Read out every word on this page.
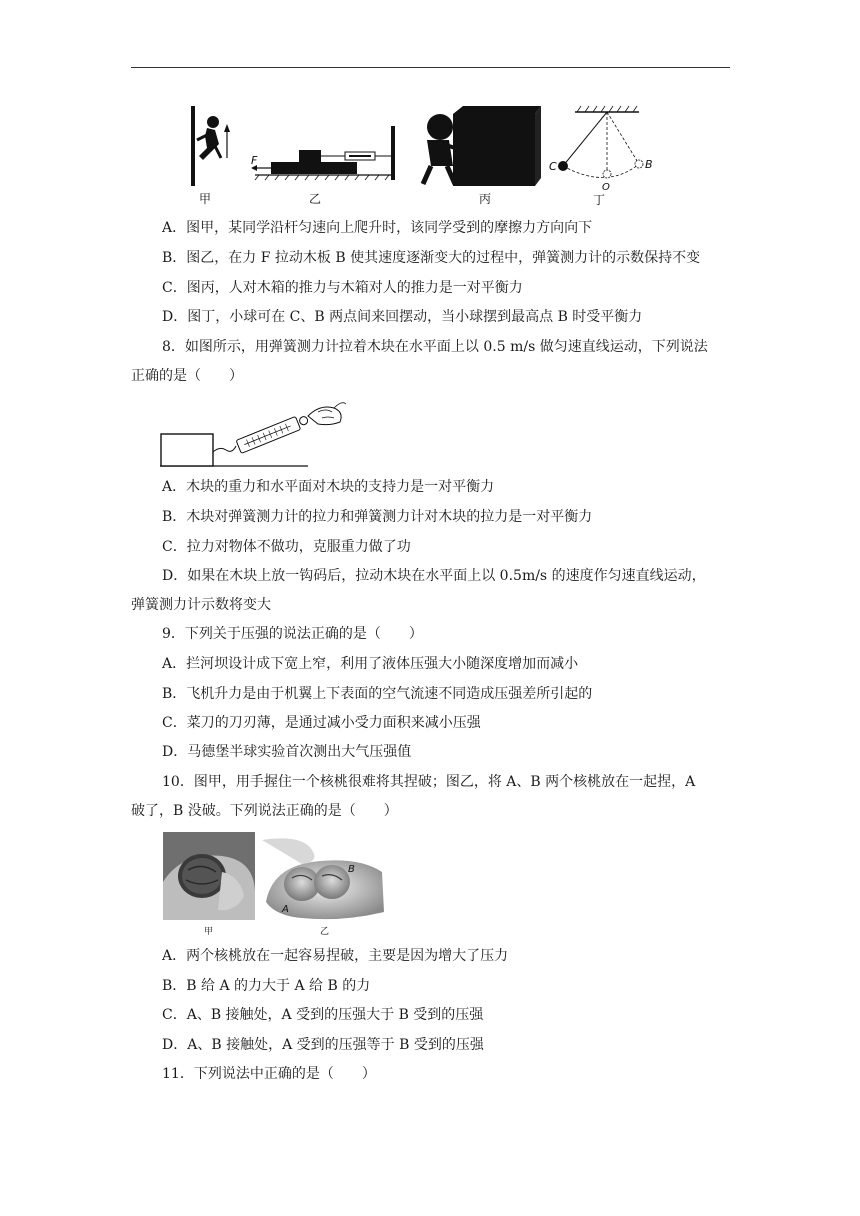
甲
F
乙	丙
C	B
O
丁
A．图甲，某同学沿杆匀速向上爬升时，该同学受到的摩擦力方向向下
B．图乙，在力 F 拉动木板 B 使其速度逐渐变大的过程中，弹簧测力计的示数保持不变
C．图丙，人对木箱的推力与木箱对人的推力是一对平衡力
D．图丁，小球可在 C、B 两点间来回摆动，当小球摆到最高点 B 时受平衡力
8．如图所示，用弹簧测力计拉着木块在水平面上以 0.5 m/s 做匀速直线运动，下列说法
正确的是（　　）
A．木块的重力和水平面对木块的支持力是一对平衡力
B．木块对弹簧测力计的拉力和弹簧测力计对木块的拉力是一对平衡力
C．拉力对物体不做功，克服重力做了功
D．如果在木块上放一钩码后，拉动木块在水平面上以 0.5m/s 的速度作匀速直线运动，
弹簧测力计示数将变大
9．下列关于压强的说法正确的是（　　）
A．拦河坝设计成下宽上窄，利用了液体压强大小随深度增加而减小
B．飞机升力是由于机翼上下表面的空气流速不同造成压强差所引起的
C．菜刀的刀刃薄，是通过减小受力面积来减小压强
D．马德堡半球实验首次测出大气压强值
10．图甲，用手握住一个核桃很难将其捏破；图乙，将 A、B 两个核桃放在一起捏，A
破了，B 没破。下列说法正确的是（　　）
A
B
甲	乙
A．两个核桃放在一起容易捏破，主要是因为增大了压力
B．B 给 A 的力大于 A 给 B 的力
C．A、B 接触处，A 受到的压强大于 B 受到的压强
D．A、B 接触处，A 受到的压强等于 B 受到的压强
11．下列说法中正确的是（　　）
